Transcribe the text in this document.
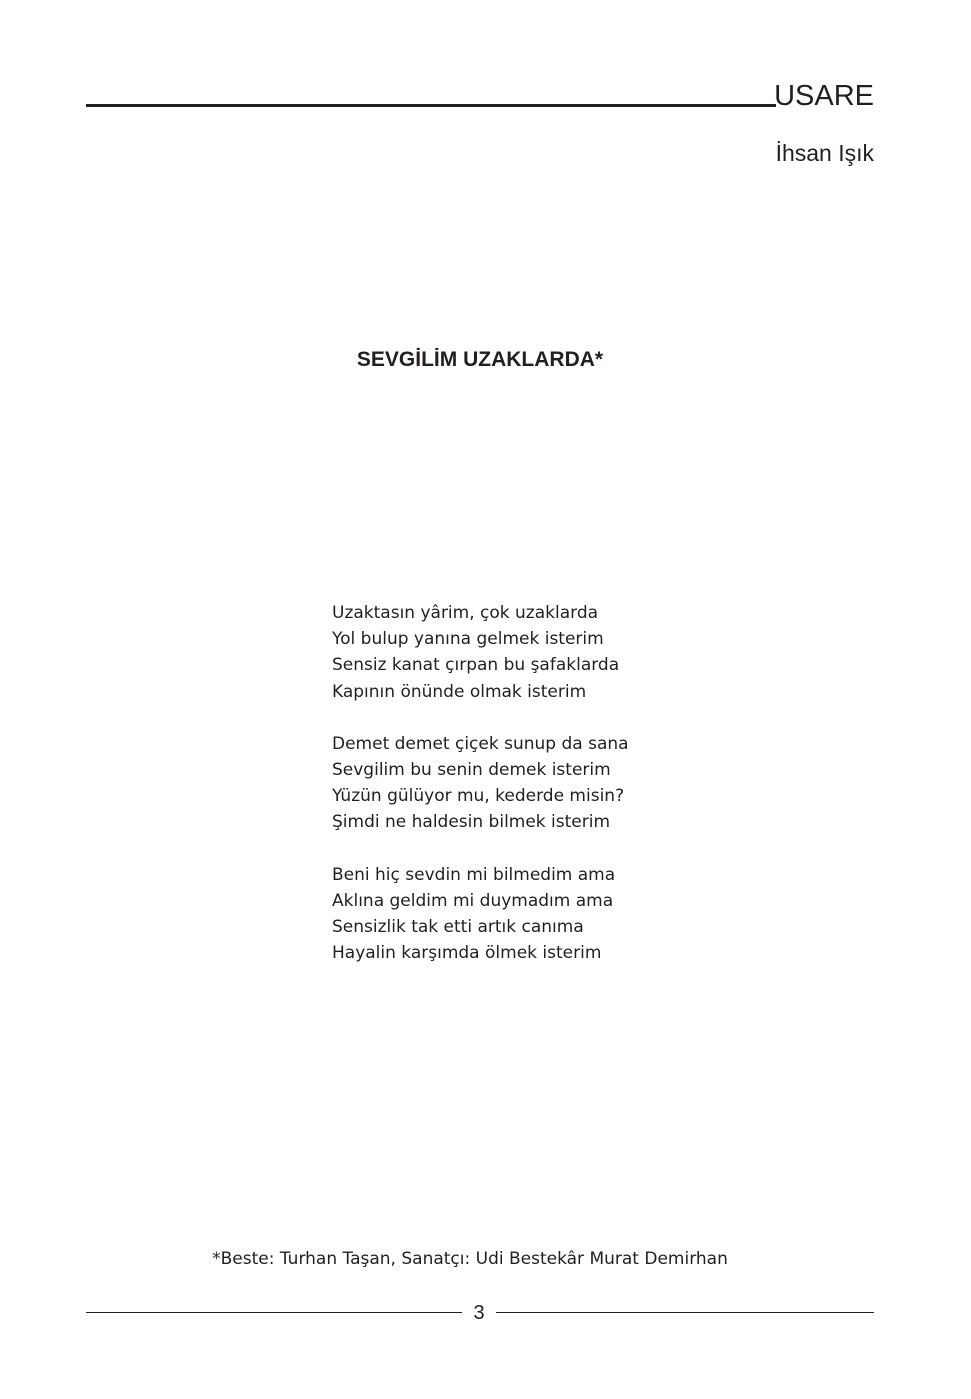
USARE
İhsan Işık
SEVGİLİM UZAKLARDA*
Uzaktasın yârim, çok uzaklarda
Yol bulup yanına gelmek isterim
Sensiz kanat çırpan bu şafaklarda
Kapının önünde olmak isterim
Demet demet çiçek sunup da sana
Sevgilim bu senin demek isterim
Yüzün gülüyor mu, kederde misin?
Şimdi ne haldesin bilmek isterim
Beni hiç sevdin mi bilmedim ama
Aklına geldim mi duymadım ama
Sensizlik tak etti artık canıma
Hayalin karşımda ölmek isterim
*Beste: Turhan Taşan, Sanatçı: Udi Bestekâr Murat Demirhan
3
